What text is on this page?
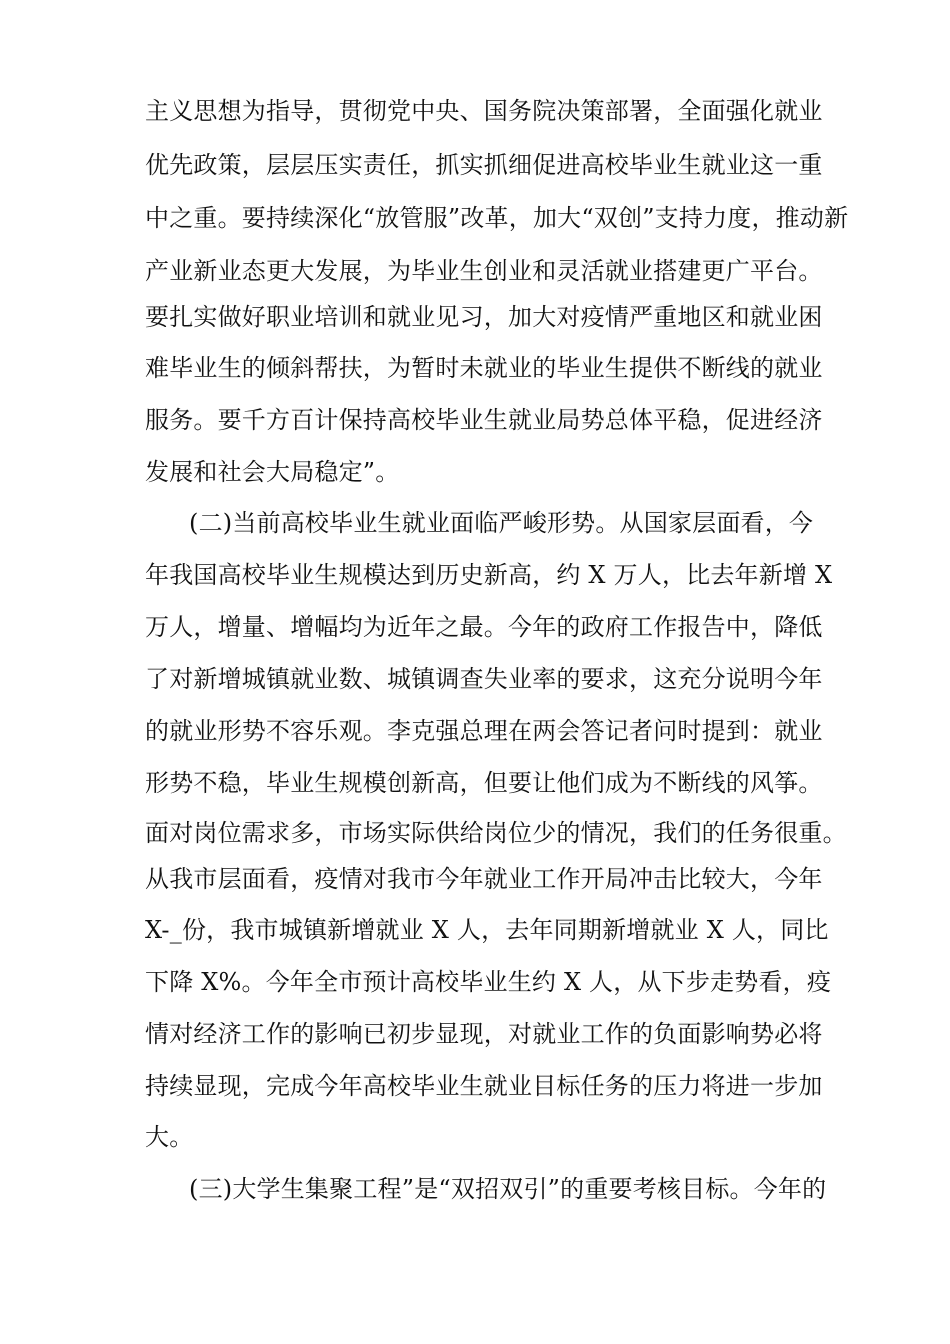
主义思想为指导，贯彻党中央、国务院决策部署，全面强化就业
优先政策，层层压实责任，抓实抓细促进高校毕业生就业这一重
中之重。要持续深化“放管服”改革，加大“双创”支持力度，推动新
产业新业态更大发展，为毕业生创业和灵活就业搭建更广平台。
要扎实做好职业培训和就业见习，加大对疫情严重地区和就业困
难毕业生的倾斜帮扶，为暂时未就业的毕业生提供不断线的就业
服务。要千方百计保持高校毕业生就业局势总体平稳，促进经济
发展和社会大局稳定”。
(二)当前高校毕业生就业面临严峻形势。从国家层面看，今
年我国高校毕业生规模达到历史新高，约 X 万人，比去年新增 X
万人，增量、增幅均为近年之最。今年的政府工作报告中，降低
了对新增城镇就业数、城镇调查失业率的要求，这充分说明今年
的就业形势不容乐观。李克强总理在两会答记者问时提到：就业
形势不稳，毕业生规模创新高，但要让他们成为不断线的风筝。
面对岗位需求多，市场实际供给岗位少的情况，我们的任务很重。
从我市层面看，疫情对我市今年就业工作开局冲击比较大，今年
X-_份，我市城镇新增就业 X 人，去年同期新增就业 X 人，同比
下降 X%。今年全市预计高校毕业生约 X 人，从下步走势看，疫
情对经济工作的影响已初步显现，对就业工作的负面影响势必将
持续显现，完成今年高校毕业生就业目标任务的压力将进一步加
大。
(三)大学生集聚工程”是“双招双引”的重要考核目标。今年的
